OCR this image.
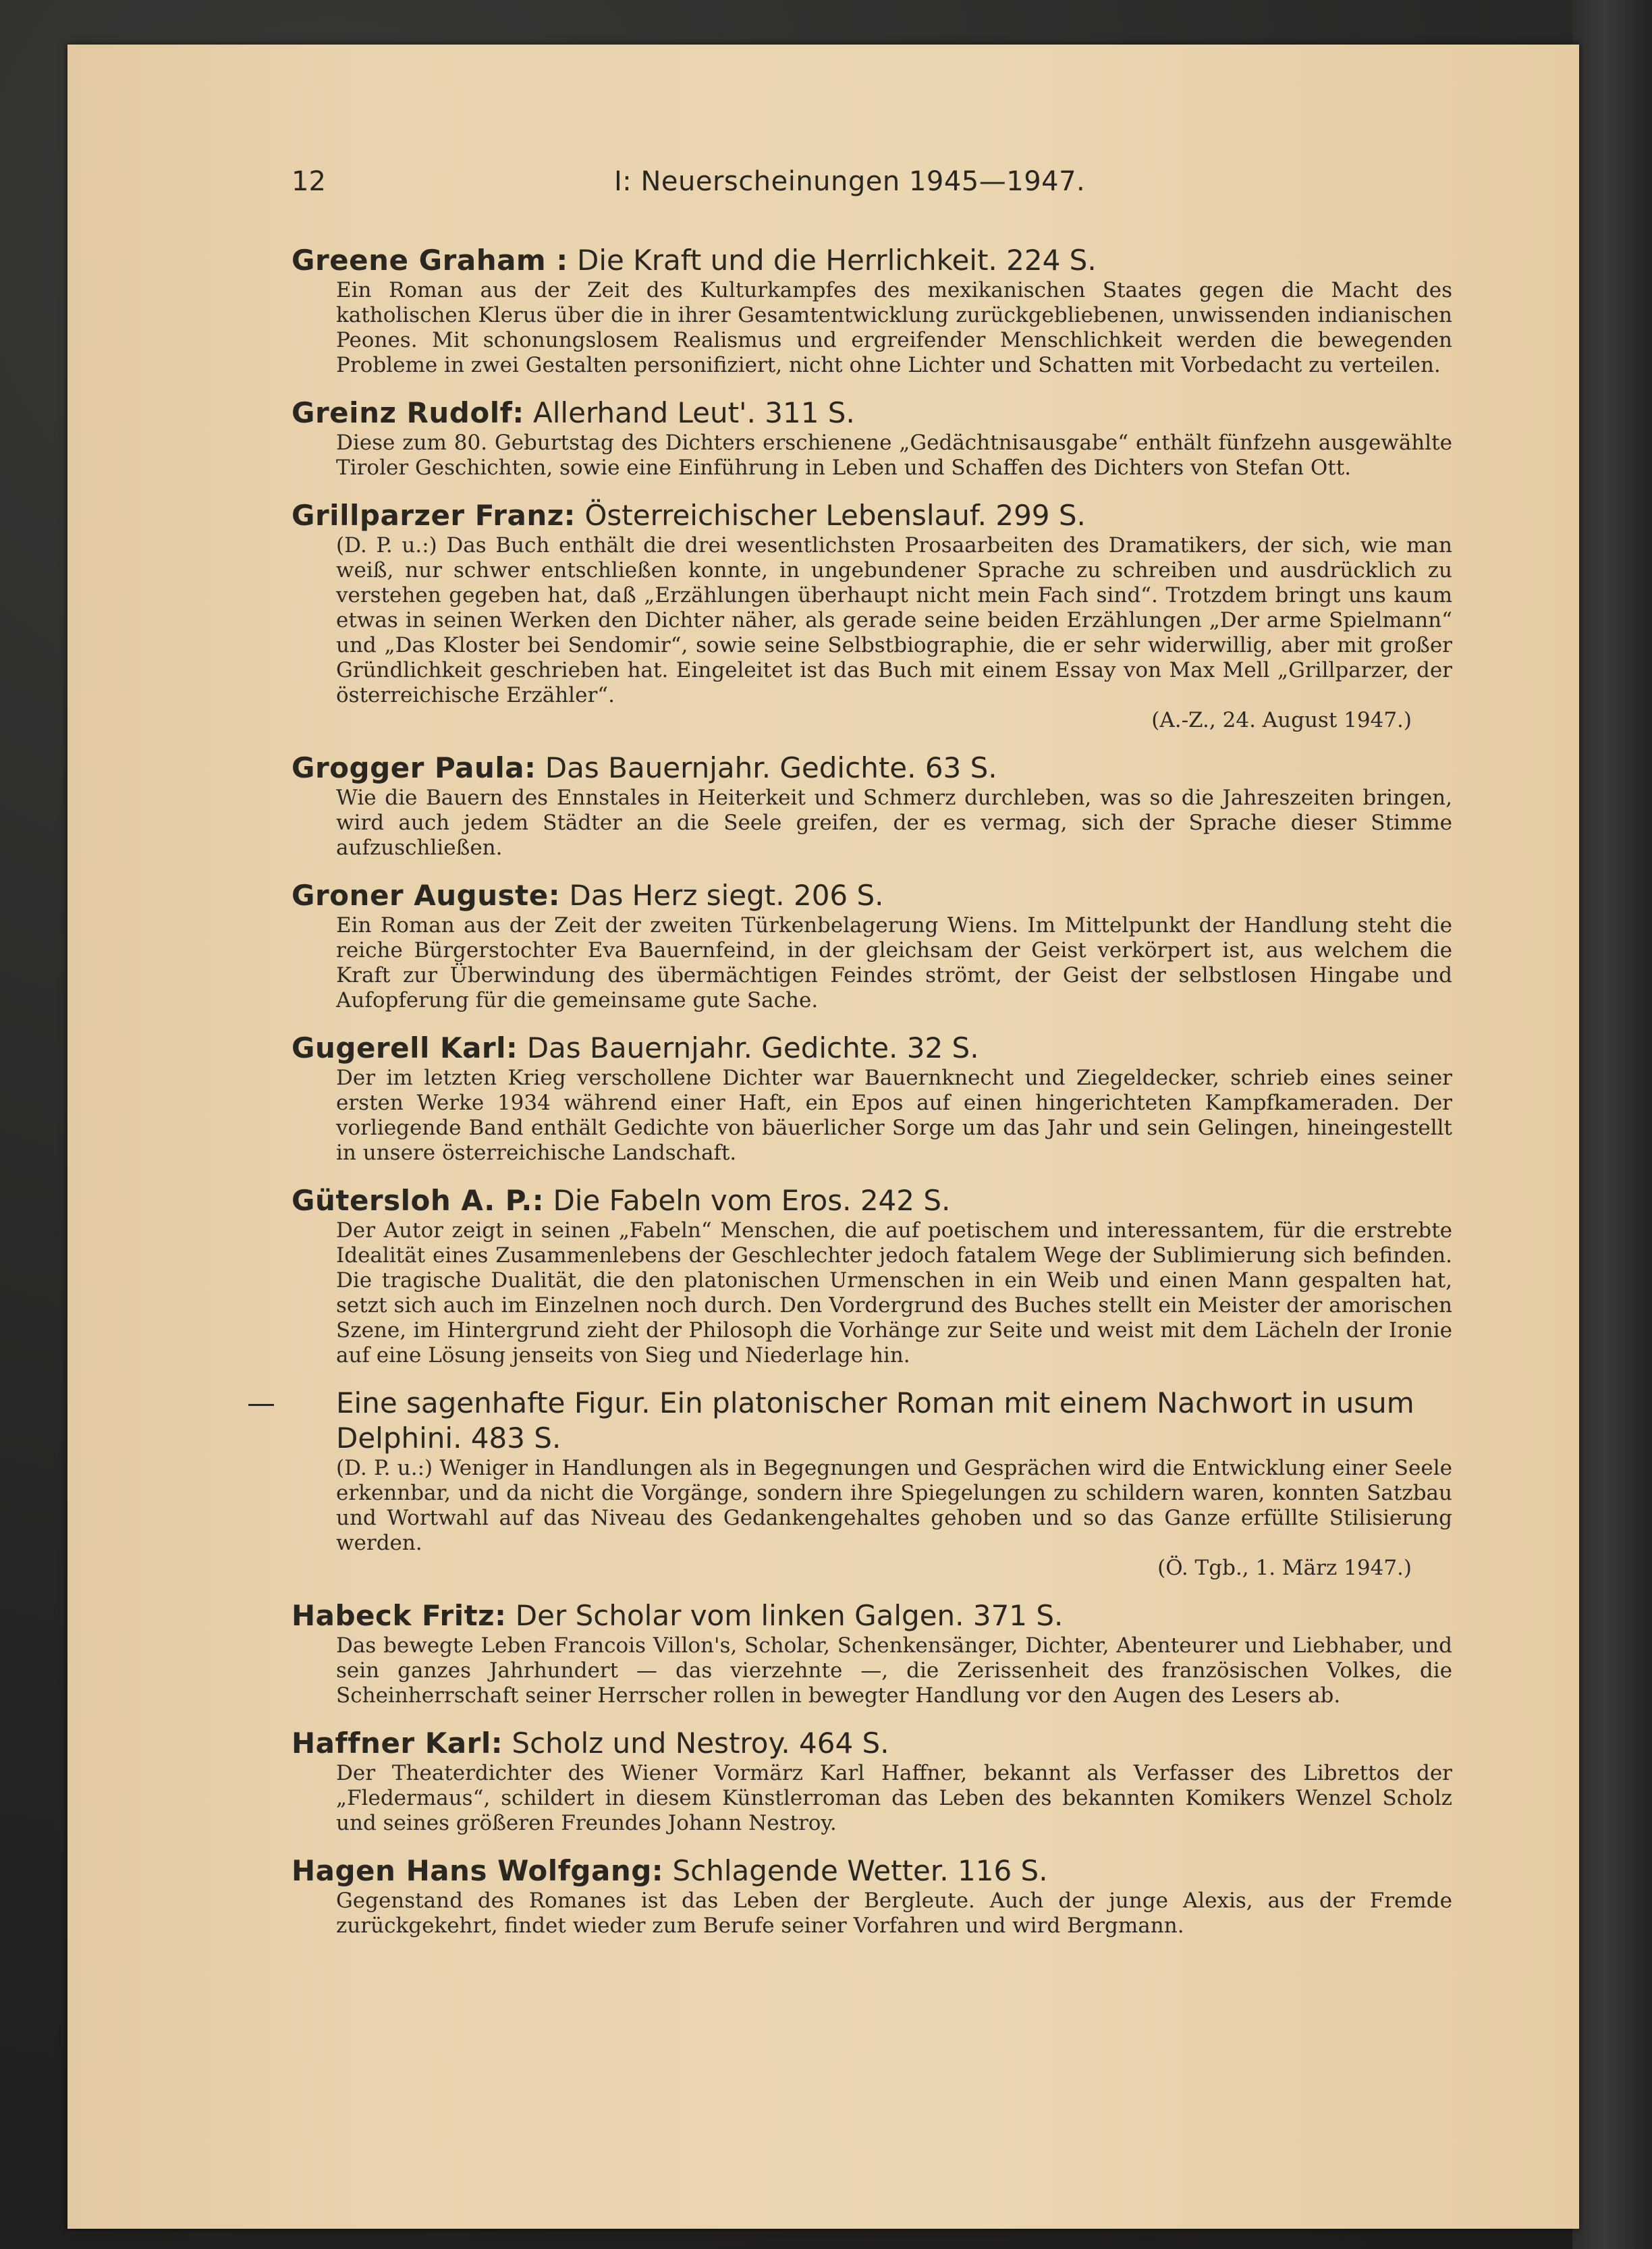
12	I: Neuerscheinungen 1945—1947.
Greene Graham : Die Kraft und die Herrlichkeit. 224 S.
Ein Roman aus der Zeit des Kulturkampfes des mexikanischen Staates gegen die Macht des katholischen Klerus über die in ihrer Gesamtentwicklung zurückgebliebenen, unwissenden indianischen Peones. Mit schonungslosem Realismus und ergreifender Menschlichkeit werden die bewegenden Probleme in zwei Gestalten personifiziert, nicht ohne Lichter und Schatten mit Vorbedacht zu verteilen.
Greinz Rudolf: Allerhand Leut'. 311 S.
Diese zum 80. Geburtstag des Dichters erschienene „Gedächtnisausgabe“ enthält fünfzehn ausgewählte Tiroler Geschichten, sowie eine Einführung in Leben und Schaffen des Dichters von Stefan Ott.
Grillparzer Franz: Österreichischer Lebenslauf. 299 S.
(D. P. u.:) Das Buch enthält die drei wesentlichsten Prosaarbeiten des Dramatikers, der sich, wie man weiß, nur schwer entschließen konnte, in ungebundener Sprache zu schreiben und ausdrücklich zu verstehen gegeben hat, daß „Erzählungen überhaupt nicht mein Fach sind“. Trotzdem bringt uns kaum etwas in seinen Werken den Dichter näher, als gerade seine beiden Erzählungen „Der arme Spielmann“ und „Das Kloster bei Sendomir“, sowie seine Selbstbiographie, die er sehr widerwillig, aber mit großer Gründlichkeit geschrieben hat. Eingeleitet ist das Buch mit einem Essay von Max Mell „Grillparzer, der österreichische Erzähler“.
(A.-Z., 24. August 1947.)
Grogger Paula: Das Bauernjahr. Gedichte. 63 S.
Wie die Bauern des Ennstales in Heiterkeit und Schmerz durchleben, was so die Jahreszeiten bringen, wird auch jedem Städter an die Seele greifen, der es vermag, sich der Sprache dieser Stimme aufzuschließen.
Groner Auguste: Das Herz siegt. 206 S.
Ein Roman aus der Zeit der zweiten Türkenbelagerung Wiens. Im Mittelpunkt der Handlung steht die reiche Bürgerstochter Eva Bauernfeind, in der gleichsam der Geist verkörpert ist, aus welchem die Kraft zur Überwindung des übermächtigen Feindes strömt, der Geist der selbstlosen Hingabe und Aufopferung für die gemeinsame gute Sache.
Gugerell Karl: Das Bauernjahr. Gedichte. 32 S.
Der im letzten Krieg verschollene Dichter war Bauernknecht und Ziegeldecker, schrieb eines seiner ersten Werke 1934 während einer Haft, ein Epos auf einen hingerichteten Kampfkameraden. Der vorliegende Band enthält Gedichte von bäuerlicher Sorge um das Jahr und sein Gelingen, hineingestellt in unsere österreichische Landschaft.
Gütersloh A. P.: Die Fabeln vom Eros. 242 S.
Der Autor zeigt in seinen „Fabeln“ Menschen, die auf poetischem und interessantem, für die erstrebte Idealität eines Zusammenlebens der Geschlechter jedoch fatalem Wege der Sublimierung sich befinden. Die tragische Dualität, die den platonischen Urmenschen in ein Weib und einen Mann gespalten hat, setzt sich auch im Einzelnen noch durch. Den Vordergrund des Buches stellt ein Meister der amorischen Szene, im Hintergrund zieht der Philosoph die Vorhänge zur Seite und weist mit dem Lächeln der Ironie auf eine Lösung jenseits von Sieg und Niederlage hin.
— Eine sagenhafte Figur. Ein platonischer Roman mit einem Nachwort in usum Delphini. 483 S.
(D. P. u.:) Weniger in Handlungen als in Begegnungen und Gesprächen wird die Entwicklung einer Seele erkennbar, und da nicht die Vorgänge, sondern ihre Spiegelungen zu schildern waren, konnten Satzbau und Wortwahl auf das Niveau des Gedankengehaltes gehoben und so das Ganze erfüllte Stilisierung werden.
(Ö. Tgb., 1. März 1947.)
Habeck Fritz: Der Scholar vom linken Galgen. 371 S.
Das bewegte Leben Francois Villon's, Scholar, Schenkensänger, Dichter, Abenteurer und Liebhaber, und sein ganzes Jahrhundert — das vierzehnte —, die Zerissenheit des französischen Volkes, die Scheinherrschaft seiner Herrscher rollen in bewegter Handlung vor den Augen des Lesers ab.
Haffner Karl: Scholz und Nestroy. 464 S.
Der Theaterdichter des Wiener Vormärz Karl Haffner, bekannt als Verfasser des Librettos der „Fledermaus“, schildert in diesem Künstlerroman das Leben des bekannten Komikers Wenzel Scholz und seines größeren Freundes Johann Nestroy.
Hagen Hans Wolfgang: Schlagende Wetter. 116 S.
Gegenstand des Romanes ist das Leben der Bergleute. Auch der junge Alexis, aus der Fremde zurückgekehrt, findet wieder zum Berufe seiner Vorfahren und wird Bergmann.
